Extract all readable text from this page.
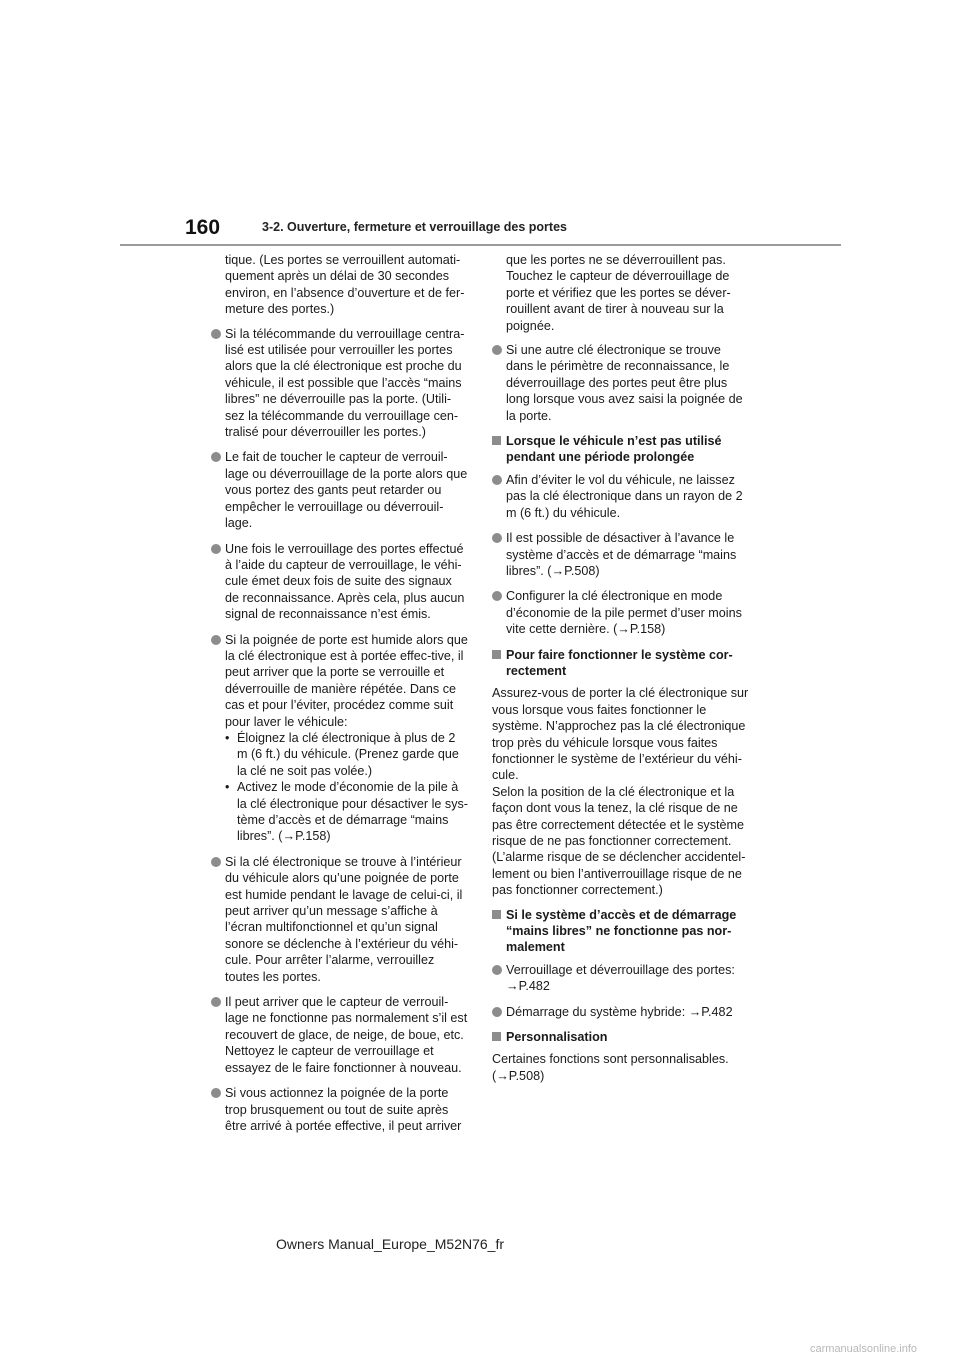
160	3-2. Ouverture, fermeture et verrouillage des portes

tique. (Les portes se verrouillent automati-quement après un délai de 30 secondes environ, en l’absence d’ouverture et de fer-meture des portes.)

Si la télécommande du verrouillage centra-lisé est utilisée pour verrouiller les portes alors que la clé électronique est proche du véhicule, il est possible que l’accès “mains libres” ne déverrouille pas la porte. (Utili-sez la télécommande du verrouillage cen-tralisé pour déverrouiller les portes.)
Le fait de toucher le capteur de verrouil-lage ou déverrouillage de la porte alors que vous portez des gants peut retarder ou empêcher le verrouillage ou déverrouil-lage.
Une fois le verrouillage des portes effectué à l’aide du capteur de verrouillage, le véhi-cule émet deux fois de suite des signaux de reconnaissance. Après cela, plus aucun signal de reconnaissance n’est émis.
Si la poignée de porte est humide alors que la clé électronique est à portée effec-tive, il peut arriver que la porte se verrouille et déverrouille de manière répétée. Dans ce cas et pour l’éviter, procédez comme suit pour laver le véhicule:
• Éloignez la clé électronique à plus de 2 m (6 ft.) du véhicule. (Prenez garde que la clé ne soit pas volée.)
• Activez le mode d’économie de la pile à la clé électronique pour désactiver le sys-tème d’accès et de démarrage “mains libres”. (→P.158)
Si la clé électronique se trouve à l’intérieur du véhicule alors qu’une poignée de porte est humide pendant le lavage de celui-ci, il peut arriver qu’un message s’affiche à l’écran multifonctionnel et qu’un signal sonore se déclenche à l’extérieur du véhi-cule. Pour arrêter l’alarme, verrouillez toutes les portes.
Il peut arriver que le capteur de verrouil-lage ne fonctionne pas normalement s’il est recouvert de glace, de neige, de boue, etc. Nettoyez le capteur de verrouillage et essayez de le faire fonctionner à nouveau.
Si vous actionnez la poignée de la porte trop brusquement ou tout de suite après être arrivé à portée effective, il peut arriver

que les portes ne se déverrouillent pas. Touchez le capteur de déverrouillage de porte et vérifiez que les portes se déver-rouillent avant de tirer à nouveau sur la poignée.

Si une autre clé électronique se trouve dans le périmètre de reconnaissance, le déverrouillage des portes peut être plus long lorsque vous avez saisi la poignée de la porte.
Lorsque le véhicule n’est pas utilisé pendant une période prolongée
Afin d’éviter le vol du véhicule, ne laissez pas la clé électronique dans un rayon de 2 m (6 ft.) du véhicule.
Il est possible de désactiver à l’avance le système d’accès et de démarrage “mains libres”. (→P.508)
Configurer la clé électronique en mode d’économie de la pile permet d’user moins vite cette dernière. (→P.158)
Pour faire fonctionner le système cor-rectement
Assurez-vous de porter la clé électronique sur vous lorsque vous faites fonctionner le système. N’approchez pas la clé électronique trop près du véhicule lorsque vous faites fonctionner le système de l’extérieur du véhi-cule.
Selon la position de la clé électronique et la façon dont vous la tenez, la clé risque de ne pas être correctement détectée et le système risque de ne pas fonctionner correctement. (L’alarme risque de se déclencher accidentel-lement ou bien l’antiverrouillage risque de ne pas fonctionner correctement.)
Si le système d’accès et de démarrage “mains libres” ne fonctionne pas nor-malement
Verrouillage et déverrouillage des portes: →P.482
Démarrage du système hybride: →P.482
Personnalisation
Certaines fonctions sont personnalisables. (→P.508)
Owners Manual_Europe_M52N76_fr
carmanualsonline.info
